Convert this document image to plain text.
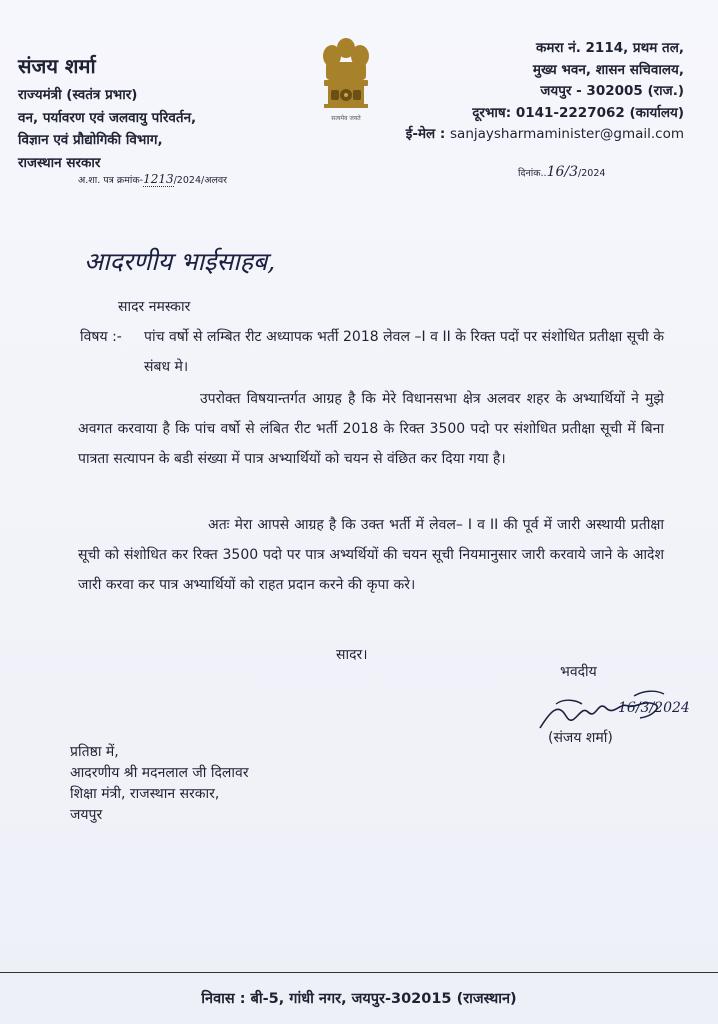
संजय शर्मा
राज्यमंत्री (स्वतंत्र प्रभार)
वन, पर्यावरण एवं जलवायु परिवर्तन,
विज्ञान एवं प्रौद्योगिकी विभाग,
राजस्थान सरकार
सत्यमेव जयते
कमरा नं. 2114, प्रथम तल,
मुख्य भवन, शासन सचिवालय,
जयपुर - 302005 (राज.)
दूरभाष: 0141-2227062 (कार्यालय)
ई-मेल : sanjaysharmaminister@gmail.com
अ.शा. पत्र क्रमांक-1213/2024/अलवर
दिनांक..16/3/2024
आदरणीय भाईसाहब,
सादर नमस्कार
विषय :- पांच वर्षो से लम्बित रीट अध्यापक भर्ती 2018 लेवल –I व II के रिक्त पदों पर संशोधित प्रतीक्षा सूची के संबध मे।
उपरोक्त विषयान्तर्गत आग्रह है कि मेरे विधानसभा क्षेत्र अलवर शहर के अभ्यार्थियों ने मुझे अवगत करवाया है कि पांच वर्षो से लंबित रीट भर्ती 2018 के रिक्त 3500 पदो पर संशोधित प्रतीक्षा सूची में बिना पात्रता सत्यापन के बडी संख्या में पात्र अभ्यार्थियों को चयन से वंछित कर दिया गया है।
अतः मेरा आपसे आग्रह है कि उक्त भर्ती में लेवल– I व II की पूर्व में जारी अस्थायी प्रतीक्षा सूची को संशोधित कर रिक्त 3500 पदो पर पात्र अभ्यर्थियों की चयन सूची नियमानुसार जारी करवाये जाने के आदेश जारी करवा कर पात्र अभ्यार्थियों को राहत प्रदान करने की कृपा करे।
सादर।
भवदीय
16/3/2024
(संजय शर्मा)
प्रतिष्ठा में,
आदरणीय श्री मदनलाल जी दिलावर
शिक्षा मंत्री, राजस्थान सरकार,
जयपुर
निवास : बी-5, गांधी नगर, जयपुर-302015 (राजस्थान)
